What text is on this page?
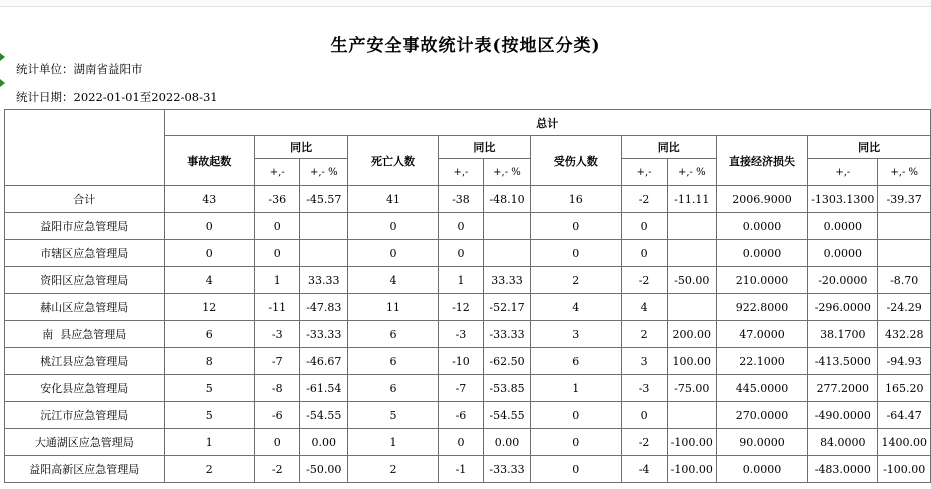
生产安全事故统计表(按地区分类)
统计单位：湖南省益阳市
统计日期：2022-01-01至2022-08-31
	总计											
	事故起数	同比		死亡人数	同比		受伤人数	同比		直接经济损失	同比	
		+,-	+,- %		+,-	+,- %		+,-	+,- %		+,-	+,- %
合计	43	-36	-45.57	41	-38	-48.10	16	-2	-11.11	2006.9000	-1303.1300	-39.37
益阳市应急管理局	0	0		0	0		0	0		0.0000	0.0000	
市辖区应急管理局	0	0		0	0		0	0		0.0000	0.0000	
资阳区应急管理局	4	1	33.33	4	1	33.33	2	-2	-50.00	210.0000	-20.0000	-8.70
赫山区应急管理局	12	-11	-47.83	11	-12	-52.17	4	4		922.8000	-296.0000	-24.29
南  县应急管理局	6	-3	-33.33	6	-3	-33.33	3	2	200.00	47.0000	38.1700	432.28
桃江县应急管理局	8	-7	-46.67	6	-10	-62.50	6	3	100.00	22.1000	-413.5000	-94.93
安化县应急管理局	5	-8	-61.54	6	-7	-53.85	1	-3	-75.00	445.0000	277.2000	165.20
沅江市应急管理局	5	-6	-54.55	5	-6	-54.55	0	0		270.0000	-490.0000	-64.47
大通湖区应急管理局	1	0	0.00	1	0	0.00	0	-2	-100.00	90.0000	84.0000	1400.00
益阳高新区应急管理局	2	-2	-50.00	2	-1	-33.33	0	-4	-100.00	0.0000	-483.0000	-100.00
